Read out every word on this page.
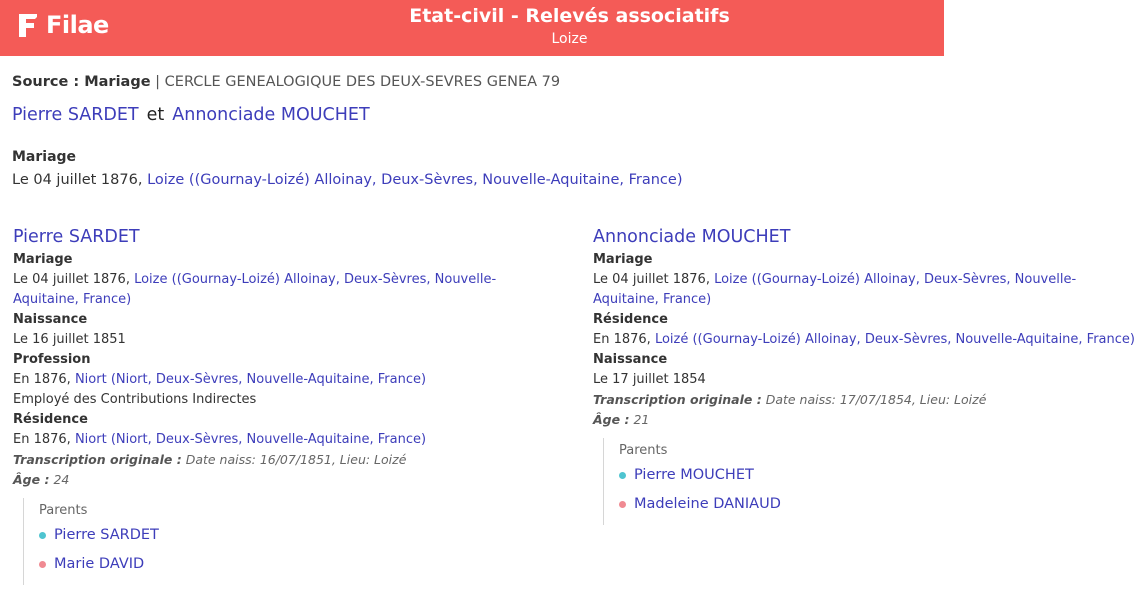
Filae	Etat-civil - Relevés associatifs
Loize
Source : Mariage | CERCLE GENEALOGIQUE DES DEUX-SEVRES GENEA 79
Pierre SARDET et Annonciade MOUCHET
Mariage
Le 04 juillet 1876, Loize ((Gournay-Loizé) Alloinay, Deux-Sèvres, Nouvelle-Aquitaine, France)
Pierre SARDET
Mariage
Le 04 juillet 1876, Loize ((Gournay-Loizé) Alloinay, Deux-Sèvres, Nouvelle-Aquitaine, France)
Naissance
Le 16 juillet 1851
Profession
En 1876, Niort (Niort, Deux-Sèvres, Nouvelle-Aquitaine, France)
Employé des Contributions Indirectes
Résidence
En 1876, Niort (Niort, Deux-Sèvres, Nouvelle-Aquitaine, France)
Transcription originale : Date naiss: 16/07/1851, Lieu: Loizé
Âge : 24
Parents
Pierre SARDET
Marie DAVID
Annonciade MOUCHET
Mariage
Le 04 juillet 1876, Loize ((Gournay-Loizé) Alloinay, Deux-Sèvres, Nouvelle-Aquitaine, France)
Résidence
En 1876, Loizé ((Gournay-Loizé) Alloinay, Deux-Sèvres, Nouvelle-Aquitaine, France)
Naissance
Le 17 juillet 1854
Transcription originale : Date naiss: 17/07/1854, Lieu: Loizé
Âge : 21
Parents
Pierre MOUCHET
Madeleine DANIAUD
